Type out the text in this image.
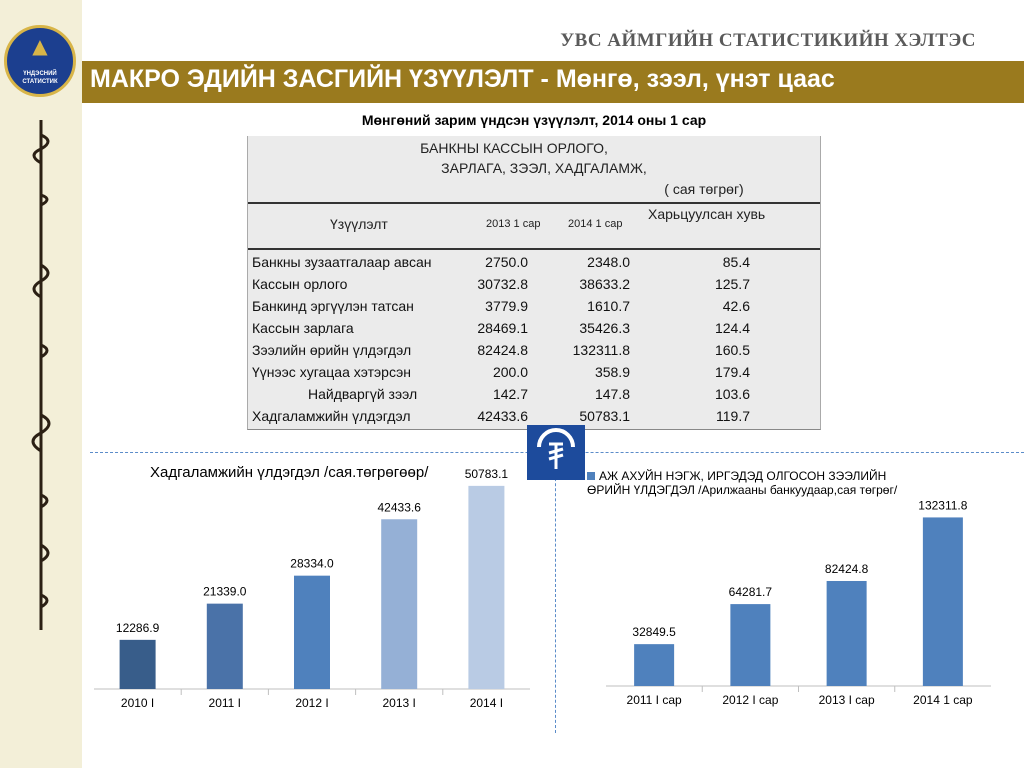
▲
ҮНДЭСНИЙ СТАТИСТИК
УВС АЙМГИЙН СТАТИСТИКИЙН ХЭЛТЭС
МАКРО ЭДИЙН ЗАСГИЙН ҮЗҮҮЛЭЛТ - Мөнгө, зээл, үнэт цаас
Мөнгөний зарим үндсэн үзүүлэлт, 2014 оны 1 сар
БАНКНЫ КАССЫН ОРЛОГО,
ЗАРЛАГА, ЗЭЭЛ, ХАДГАЛАМЖ,
( сая төгрөг)
Үзүүлэлт	2013 1 сар	2014 1 сар
Харьцуулсан хувь
Банкны зузаатгалаар авсан	2750.0	2348.0	85.4
Кассын орлого	30732.8	38633.2	125.7
Банкинд эргүүлэн татсан	3779.9	1610.7	42.6
Кассын зарлага	28469.1	35426.3	124.4
Зээлийн өрийн үлдэгдэл	82424.8	132311.8	160.5
Үүнээс хугацаа хэтэрсэн	200.0	358.9	179.4
Найдваргүй зээл	142.7	147.8	103.6
Хадгаламжийн үлдэгдэл	42433.6	50783.1	119.7
Хадгаламжийн үлдэгдэл /сая.төгрөгөөр/
12286.9
2010 I
21339.0
2011 I
28334.0
2012 I
42433.6
2013 I
50783.1
2014 I
АЖ АХУЙН НЭГЖ, ИРГЭДЭД ОЛГОСОН ЗЭЭЛИЙН ӨРИЙН ҮЛДЭГДЭЛ /Арилжааны банкуудаар,сая төгрөг/
32849.5
2011 I сар
64281.7
2012 I сар
82424.8
2013 I сар
132311.8
2014 1 сар
